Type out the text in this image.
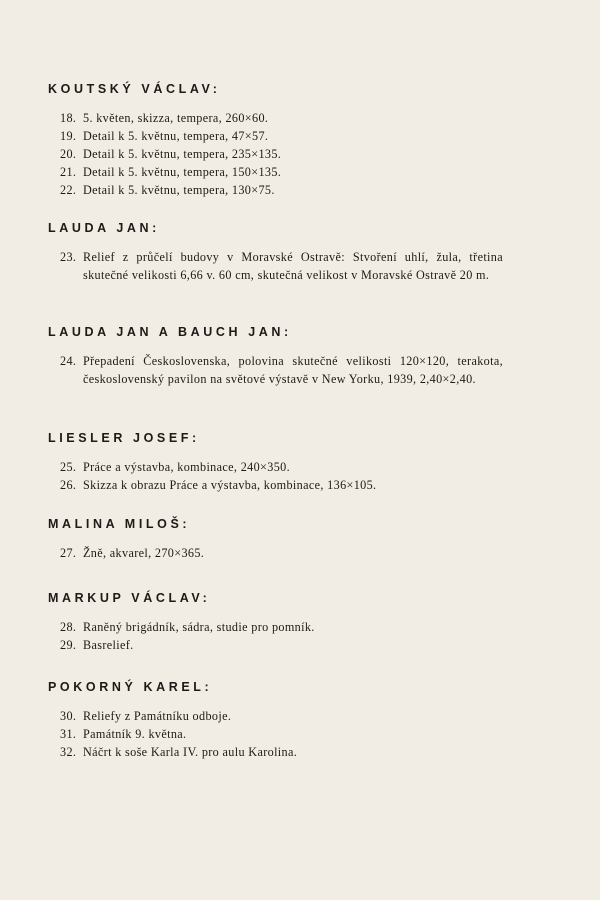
KOUTSKÝ VÁCLAV:
18. 5. květen, skizza, tempera, 260×60.
19. Detail k 5. květnu, tempera, 47×57.
20. Detail k 5. květnu, tempera, 235×135.
21. Detail k 5. květnu, tempera, 150×135.
22. Detail k 5. květnu, tempera, 130×75.
LAUDA JAN:
23. Relief z průčelí budovy v Moravské Ostravě: Stvoření uhlí, žula, třetina skutečné velikosti 6,66 v. 60 cm, skutečná velikost v Moravské Ostravě 20 m.
LAUDA JAN A BAUCH JAN:
24. Přepadení Československa, polovina skutečné velikosti 120×120, terakota, československý pavilon na světové výstavě v New Yorku, 1939, 2,40×2,40.
LIESLER JOSEF:
25. Práce a výstavba, kombinace, 240×350.
26. Skizza k obrazu Práce a výstavba, kombinace, 136×105.
MALINA MILOŠ:
27. Žně, akvarel, 270×365.
MARKUP VÁCLAV:
28. Raněný brigádník, sádra, studie pro pomník.
29. Basrelief.
POKORNÝ KAREL:
30. Reliefy z Památníku odboje.
31. Památník 9. května.
32. Náčrt k soše Karla IV. pro aulu Karolina.
